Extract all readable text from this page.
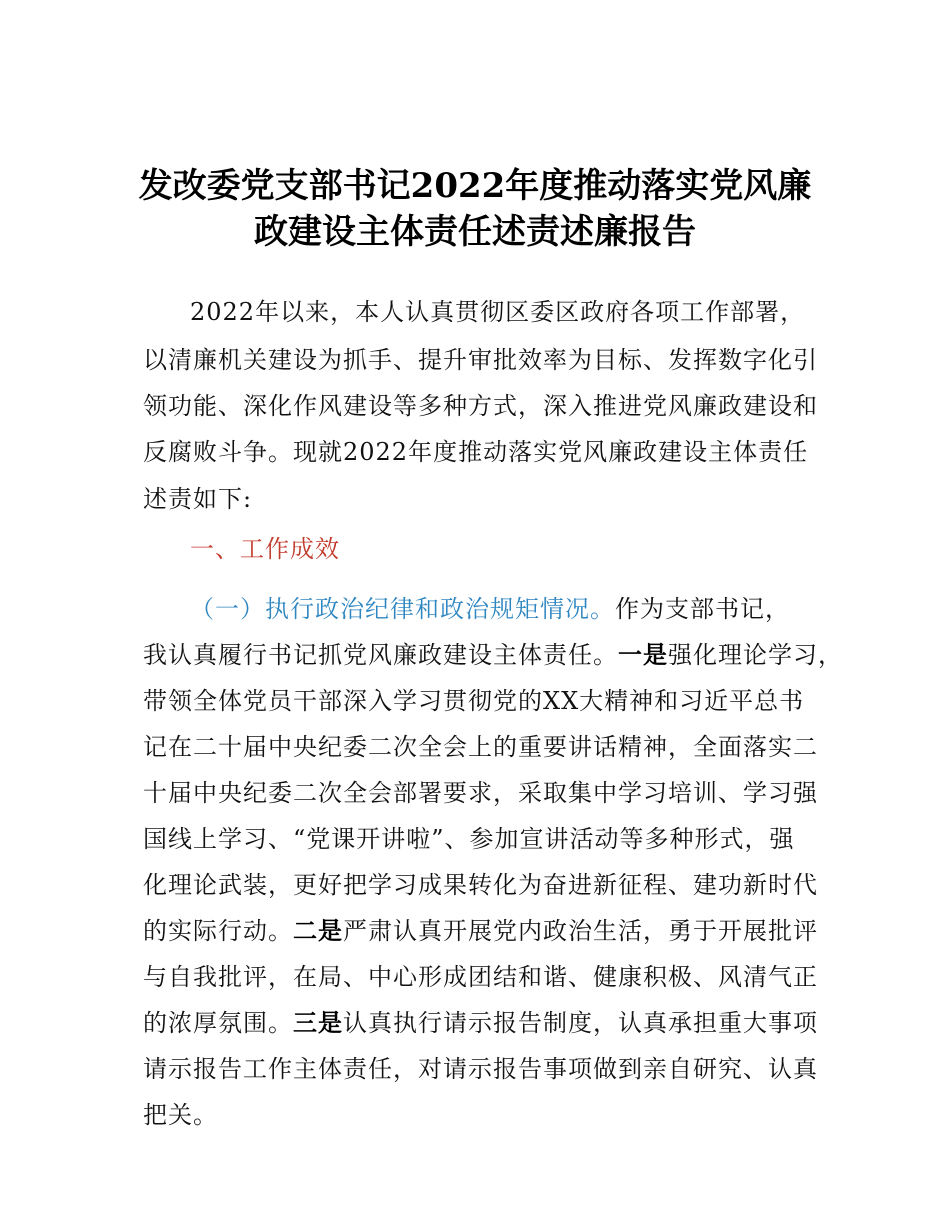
发改委党支部书记2022年度推动落实党风廉
政建设主体责任述责述廉报告
2022年以来，本人认真贯彻区委区政府各项工作部署，
以清廉机关建设为抓手、提升审批效率为目标、发挥数字化引
领功能、深化作风建设等多种方式，深入推进党风廉政建设和
反腐败斗争。现就2022年度推动落实党风廉政建设主体责任
述责如下:
一、工作成效
（一）执行政治纪律和政治规矩情况。作为支部书记，
我认真履行书记抓党风廉政建设主体责任。一是强化理论学习，
带领全体党员干部深入学习贯彻党的XX大精神和习近平总书
记在二十届中央纪委二次全会上的重要讲话精神，全面落实二
十届中央纪委二次全会部署要求，采取集中学习培训、学习强
国线上学习、“党课开讲啦”、参加宣讲活动等多种形式，强
化理论武装，更好把学习成果转化为奋进新征程、建功新时代
的实际行动。二是严肃认真开展党内政治生活，勇于开展批评
与自我批评，在局、中心形成团结和谐、健康积极、风清气正
的浓厚氛围。三是认真执行请示报告制度，认真承担重大事项
请示报告工作主体责任，对请示报告事项做到亲自研究、认真
把关。
